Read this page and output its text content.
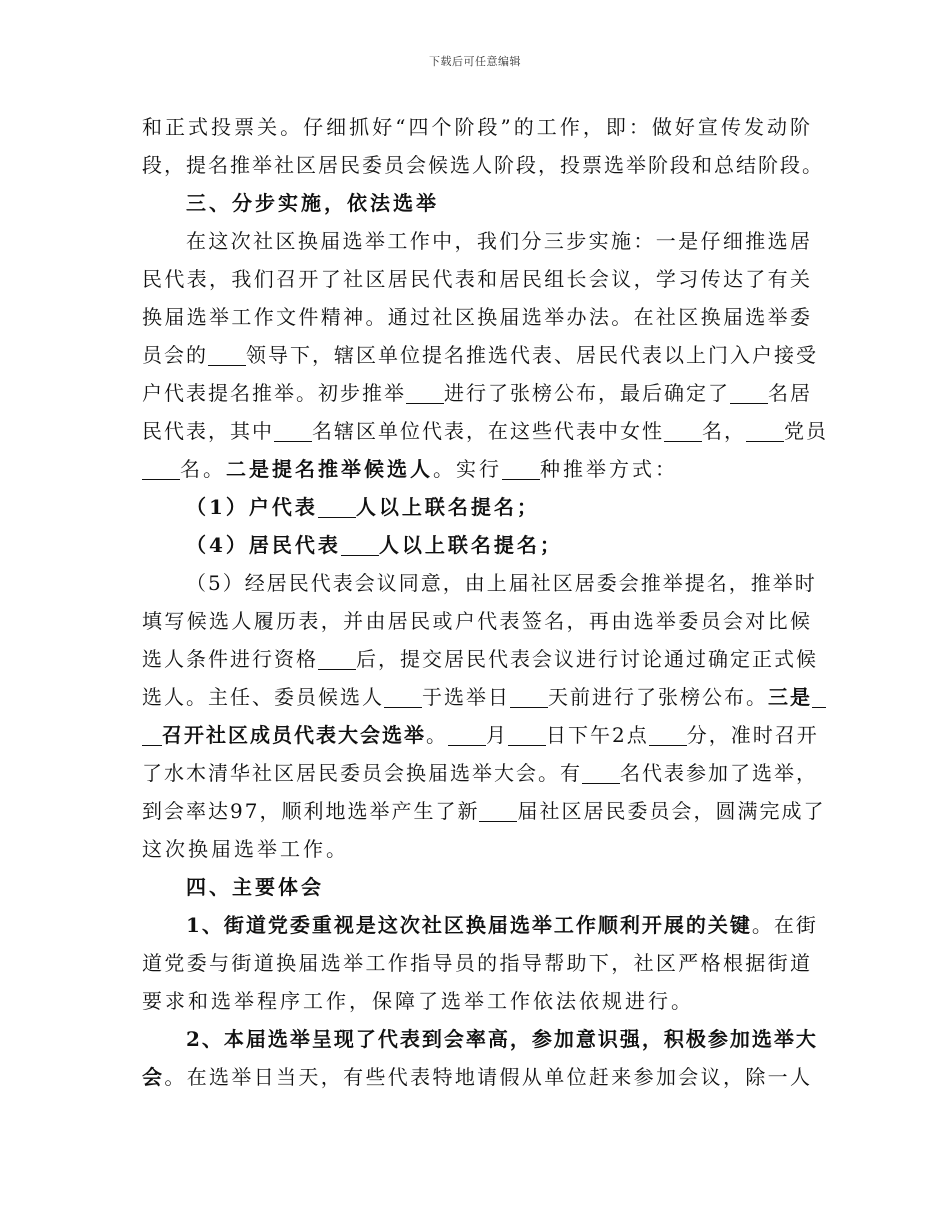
下载后可任意编辑
和正式投票关。仔细抓好“四个阶段”的工作，即：做好宣传发动阶
段，提名推举社区居民委员会候选人阶段，投票选举阶段和总结阶段。
三、分步实施，依法选举
在这次社区换届选举工作中，我们分三步实施：一是仔细推选居
民代表，我们召开了社区居民代表和居民组长会议，学习传达了有关
换届选举工作文件精神。通过社区换届选举办法。在社区换届选举委
员会的 领导下，辖区单位提名推选代表、居民代表以上门入户接受
户代表提名推举。初步推举 进行了张榜公布，最后确定了 名居
民代表，其中 名辖区单位代表，在这些代表中女性 名， 党员
名。二是提名推举候选人。实行 种推举方式：
（1）户代表 人以上联名提名；
（4）居民代表 人以上联名提名；
（5）经居民代表会议同意，由上届社区居委会推举提名，推举时
填写候选人履历表，并由居民或户代表签名，再由选举委员会对比候
选人条件进行资格 后，提交居民代表会议进行讨论通过确定正式候
选人。主任、委员候选人 于选举日 天前进行了张榜公布。三是
召开社区成员代表大会选举。 月 日下午2点 分，准时召开
了水木清华社区居民委员会换届选举大会。有 名代表参加了选举，
到会率达97，顺利地选举产生了新 届社区居民委员会，圆满完成了
这次换届选举工作。
四、主要体会
1、街道党委重视是这次社区换届选举工作顺利开展的关键。在街
道党委与街道换届选举工作指导员的指导帮助下，社区严格根据街道
要求和选举程序工作，保障了选举工作依法依规进行。
2、本届选举呈现了代表到会率高，参加意识强，积极参加选举大
会。在选举日当天，有些代表特地请假从单位赶来参加会议，除一人
